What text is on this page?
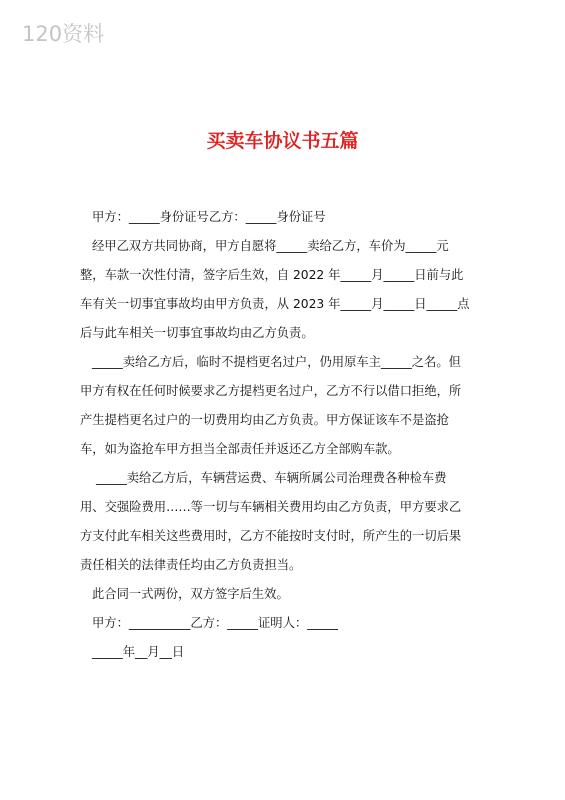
120资料
买卖车协议书五篇
甲方：_____身份证号乙方：_____身份证号
经甲乙双方共同协商，甲方自愿将_____卖给乙方，车价为_____元
整，车款一次性付清，签字后生效，自 2022 年_____月_____日前与此
车有关一切事宜事故均由甲方负责，从 2023 年_____月_____日_____点
后与此车相关一切事宜事故均由乙方负责。
_____卖给乙方后，临时不提档更名过户，仍用原车主_____之名。但
甲方有权在任何时候要求乙方提档更名过户，乙方不行以借口拒绝，所
产生提档更名过户的一切费用均由乙方负责。甲方保证该车不是盗抢
车，如为盗抢车甲方担当全部责任并返还乙方全部购车款。
_____卖给乙方后，车辆营运费、车辆所属公司治理费各种检车费
用、交强险费用……等一切与车辆相关费用均由乙方负责，甲方要求乙
方支付此车相关这些费用时，乙方不能按时支付时，所产生的一切后果
责任相关的法律责任均由乙方负责担当。
此合同一式两份，双方签字后生效。
甲方：__________乙方：_____证明人：_____
_____年__月__日
